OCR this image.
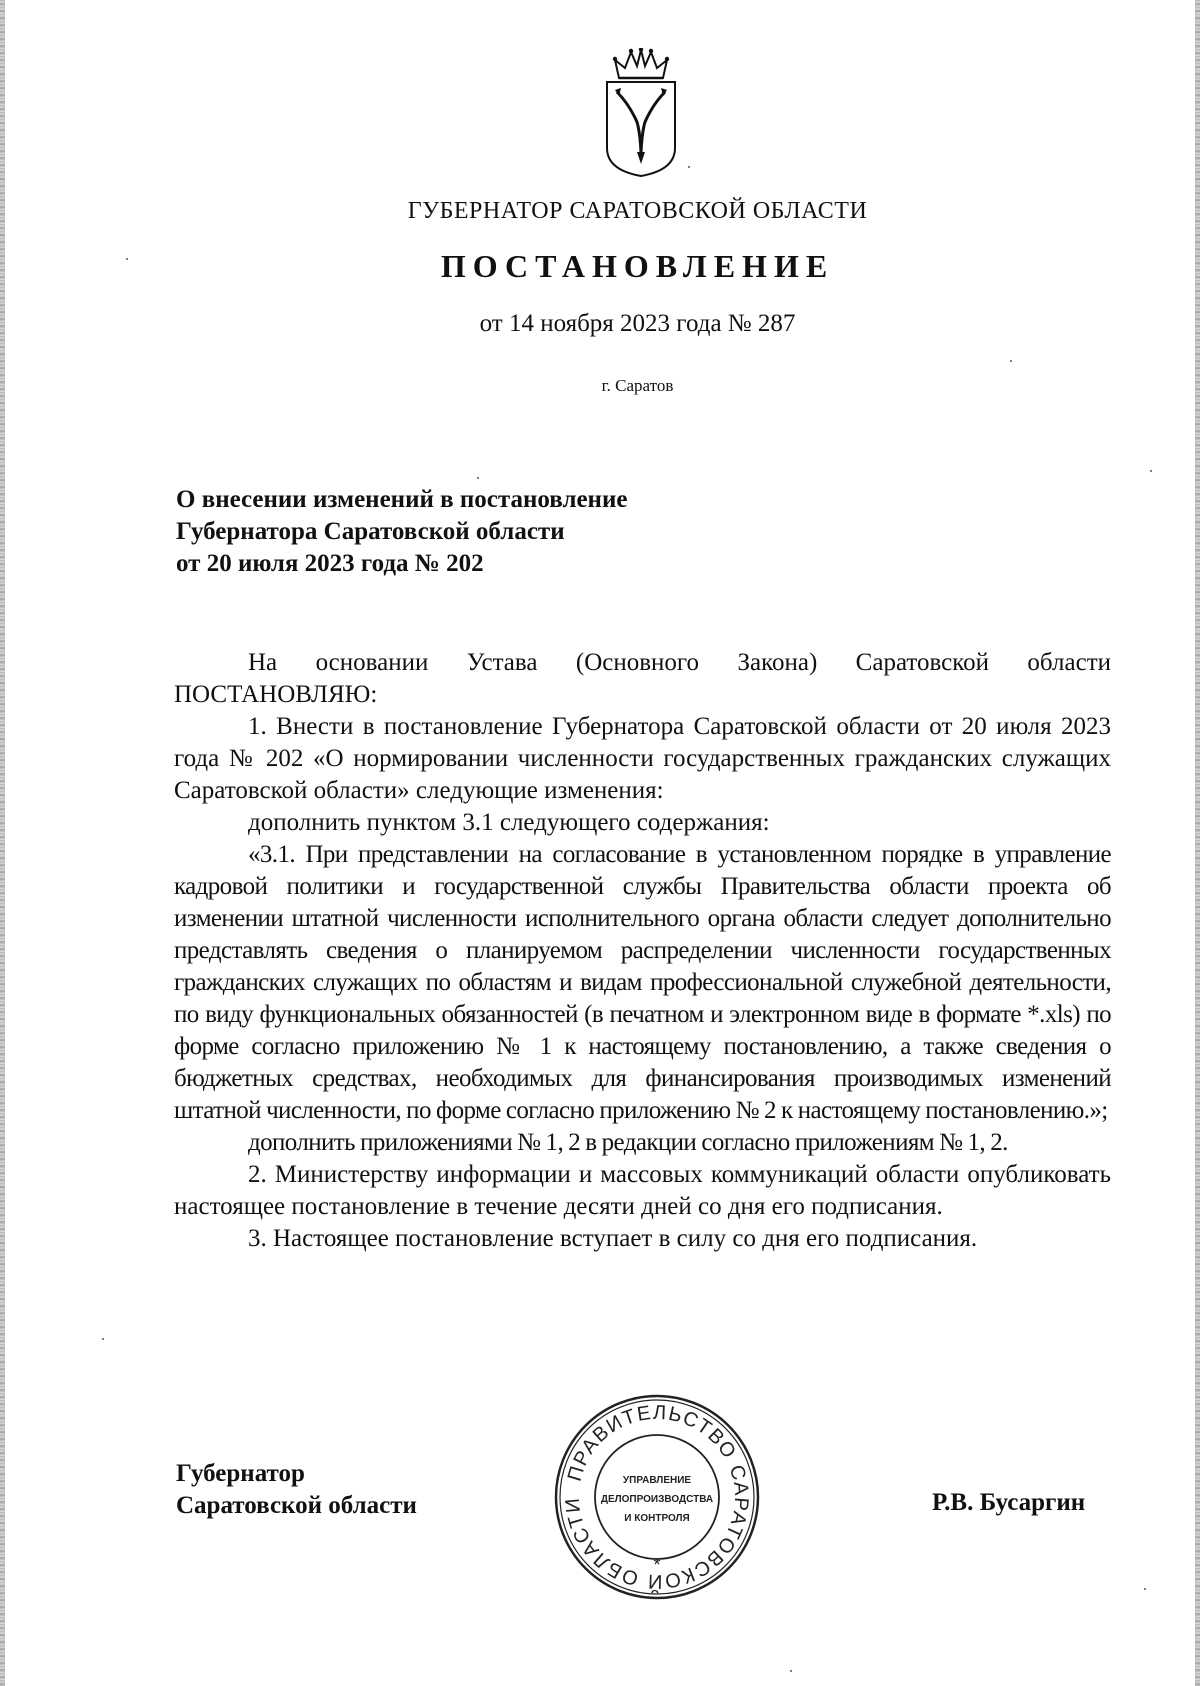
ГУБЕРНАТОР САРАТОВСКОЙ ОБЛАСТИ
ПОСТАНОВЛЕНИЕ
от 14 ноября 2023 года № 287
г. Саратов
О внесении изменений в постановление
Губернатора Саратовской области
от 20 июля 2023 года № 202

На основании Устава (Основного Закона) Саратовской области ПОСТАНОВЛЯЮ:

1. Внести в постановление Губернатора Саратовской области от 20 июля 2023 года № 202 «О нормировании численности государственных гражданских служащих Саратовской области» следующие изменения:

дополнить пунктом 3.1 следующего содержания:

«3.1. При представлении на согласование в установленном порядке в управление кадровой политики и государственной службы Правительства области проекта об изменении штатной численности исполнительного органа области следует дополнительно представлять сведения о планируемом распределении численности государственных гражданских служащих по областям и видам профессиональной служебной деятельности, по виду функциональных обязанностей (в печатном и электронном виде в формате *.xls) по форме согласно приложению № 1 к настоящему постановлению, а также сведения о бюджетных средствах, необходимых для финансирования производимых изменений штатной численности, по форме согласно приложению № 2 к настоящему постановлению.»;

дополнить приложениями № 1, 2 в редакции согласно приложениям № 1, 2.

2. Министерству информации и массовых коммуникаций области опубликовать настоящее постановление в течение десяти дней со дня его подписания.

3. Настоящее постановление вступает в силу со дня его подписания.

Губернатор
Саратовской области	Р.В. Бусаргин
ПРАВИТЕЛЬСТВО САРАТОВСКОЙ ОБЛАСТИ
*
УПРАВЛЕНИЕ
ДЕЛОПРОИЗВОДСТВА
И КОНТРОЛЯ
